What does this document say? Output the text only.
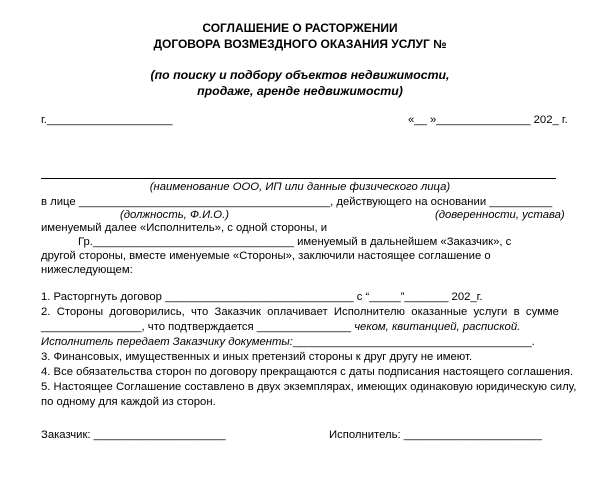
СОГЛАШЕНИЕ О РАСТОРЖЕНИИ
ДОГОВОРА ВОЗМЕЗДНОГО ОКАЗАНИЯ УСЛУГ №
(по поиску и подбору объектов недвижимости,
продаже, аренде недвижимости)
г.____________________	«__ »_______________ 202_ г.
(наименование ООО, ИП или данные физического лица)
в лице ________________________________________, действующего на основании __________
(должность, Ф.И.О.)	(доверенности, устава)
именуемый далее «Исполнитель», с одной стороны, и
Гр.________________________________ именуемый в дальнейшем «Заказчик», с
другой стороны, вместе именуемые «Стороны», заключили настоящее соглашение о
нижеследующем:
1. Расторгнуть договор ______________________________ с “_____”_______ 202_г.
2.  Стороны  договорились,  что  Заказчик  оплачивает  Исполнителю  оказанные  услуги  в  сумме
________________, что подтверждается _______________ чеком, квитанцией, распиской.
Исполнитель передает Заказчику документы:______________________________________.
3. Финансовых, имущественных и иных претензий стороны к друг другу не имеют.
4. Все обязательства сторон по договору прекращаются с даты подписания настоящего соглашения.
5. Настоящее Соглашение составлено в двух экземплярах, имеющих одинаковую юридическую силу,
по одному для каждой из сторон.
Заказчик: _____________________	Исполнитель: ______________________
